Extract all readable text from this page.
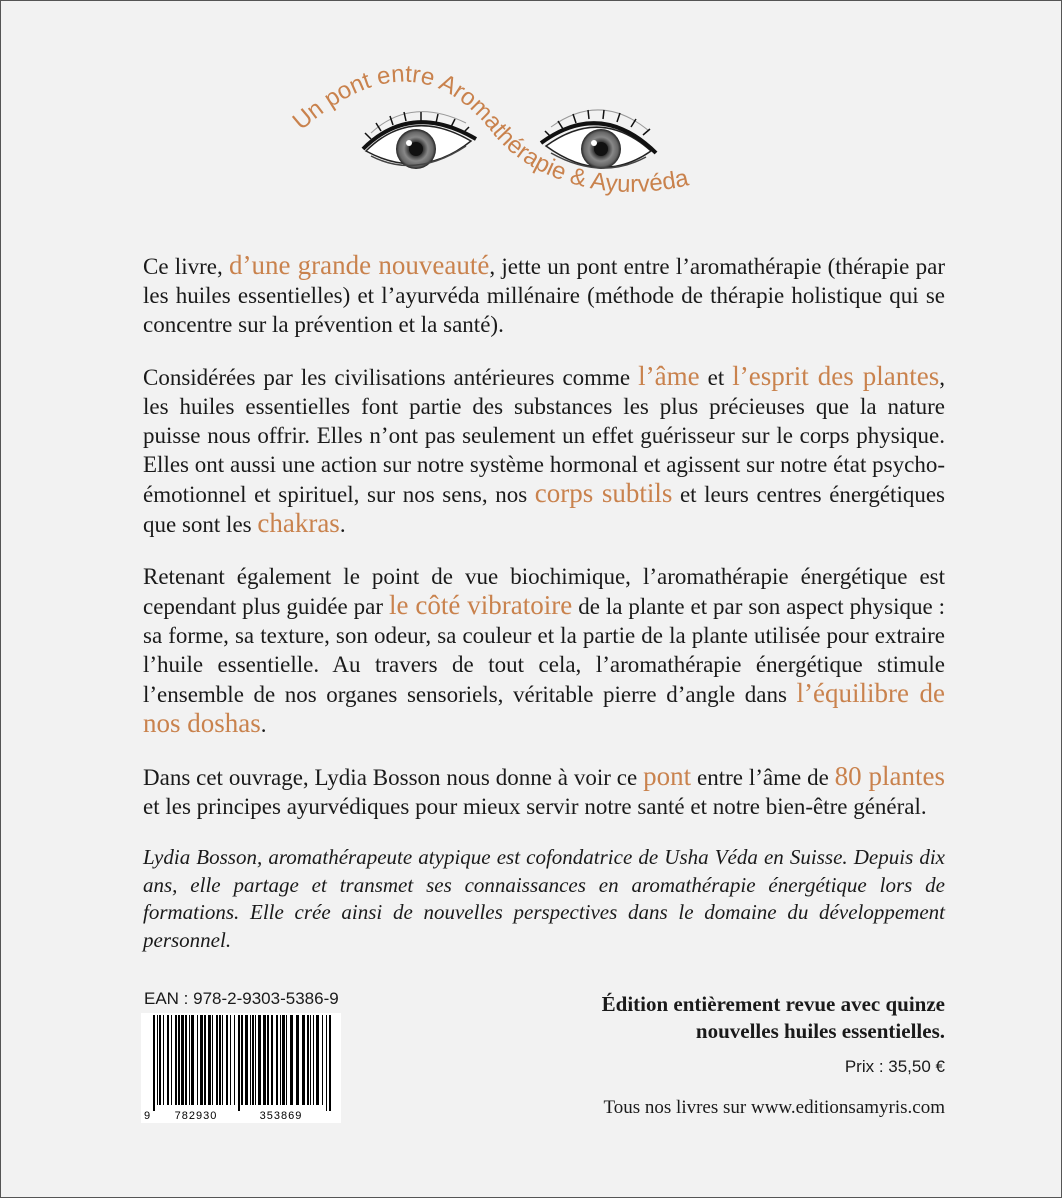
Un pont entre Aromathérapie & Ayurvéda

Ce livre, d’une grande nouveauté, jette un pont entre l’aromathérapie (thérapie par les huiles essentielles) et l’ayurvéda millénaire (méthode de thérapie holistique qui se concentre sur la prévention et la santé).

Considérées par les civilisations antérieures comme l’âme et l’esprit des plantes, les huiles essentielles font partie des substances les plus précieuses que la nature puisse nous offrir. Elles n’ont pas seulement un effet guérisseur sur le corps physique. Elles ont aussi une action sur notre système hormonal et agissent sur notre état psycho-émotionnel et spirituel, sur nos sens, nos corps subtils et leurs centres énergétiques que sont les chakras.

Retenant également le point de vue biochimique, l’aromathérapie énergétique est cependant plus guidée par le côté vibratoire de la plante et par son aspect physique : sa forme, sa texture, son odeur, sa couleur et la partie de la plante utilisée pour extraire l’huile essentielle. Au travers de tout cela, l’aromathérapie énergétique stimule l’ensemble de nos organes sensoriels, véritable pierre d’angle dans l’équilibre de nos doshas.

Dans cet ouvrage, Lydia Bosson nous donne à voir ce pont entre l’âme de 80 plantes et les principes ayurvédiques pour mieux servir notre santé et notre bien-être général.

Lydia Bosson, aromathérapeute atypique est cofondatrice de Usha Véda en Suisse. Depuis dix ans, elle partage et transmet ses connaissances en aromathérapie énergétique lors de formations. Elle crée ainsi de nouvelles perspectives dans le domaine du développement personnel.
EAN : 978-2-9303-5386-9
9 782930	353869
Édition entièrement revue avec quinze
nouvelles huiles essentielles.
Prix : 35,50 €
Tous nos livres sur www.editionsamyris.com
